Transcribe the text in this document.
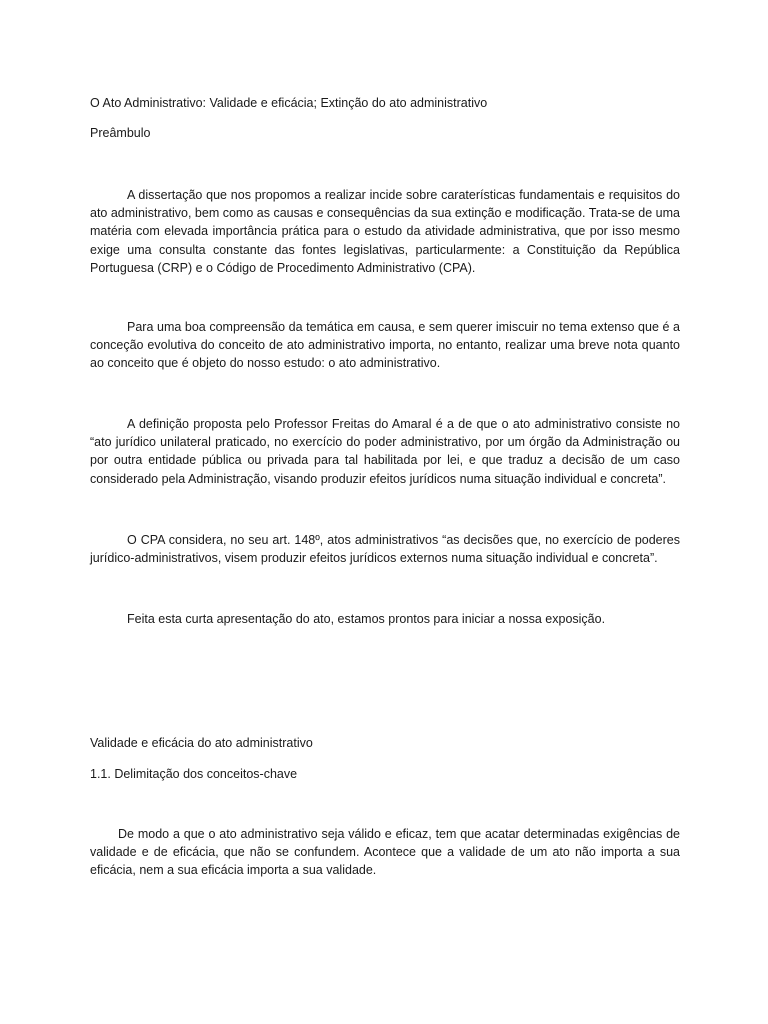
O Ato Administrativo: Validade e eficácia; Extinção do ato administrativo
Preâmbulo

A dissertação que nos propomos a realizar incide sobre caraterísticas fundamentais e requisitos do ato administrativo, bem como as causas e consequências da sua extinção e modificação. Trata-se de uma matéria com elevada importância prática para o estudo da atividade administrativa, que por isso mesmo exige uma consulta constante das fontes legislativas, particularmente: a Constituição da República Portuguesa (CRP) e o Código de Procedimento Administrativo (CPA).

Para uma boa compreensão da temática em causa, e sem querer imiscuir no tema extenso que é a conceção evolutiva do conceito de ato administrativo importa, no entanto, realizar uma breve nota quanto ao conceito que é objeto do nosso estudo: o ato administrativo.

A definição proposta pelo Professor Freitas do Amaral é a de que o ato administrativo consiste no “ato jurídico unilateral praticado, no exercício do poder administrativo, por um órgão da Administração ou por outra entidade pública ou privada para tal habilitada por lei, e que traduz a decisão de um caso considerado pela Administração, visando produzir efeitos jurídicos numa situação individual e concreta”.

O CPA considera, no seu art. 148º, atos administrativos “as decisões que, no exercício de poderes jurídico-administrativos, visem produzir efeitos jurídicos externos numa situação individual e concreta”.

Feita esta curta apresentação do ato, estamos prontos para iniciar a nossa exposição.

Validade e eficácia do ato administrativo
1.1. Delimitação dos conceitos-chave

De modo a que o ato administrativo seja válido e eficaz, tem que acatar determinadas exigências de validade e de eficácia, que não se confundem. Acontece que a validade de um ato não importa a sua eficácia, nem a sua eficácia importa a sua validade.
